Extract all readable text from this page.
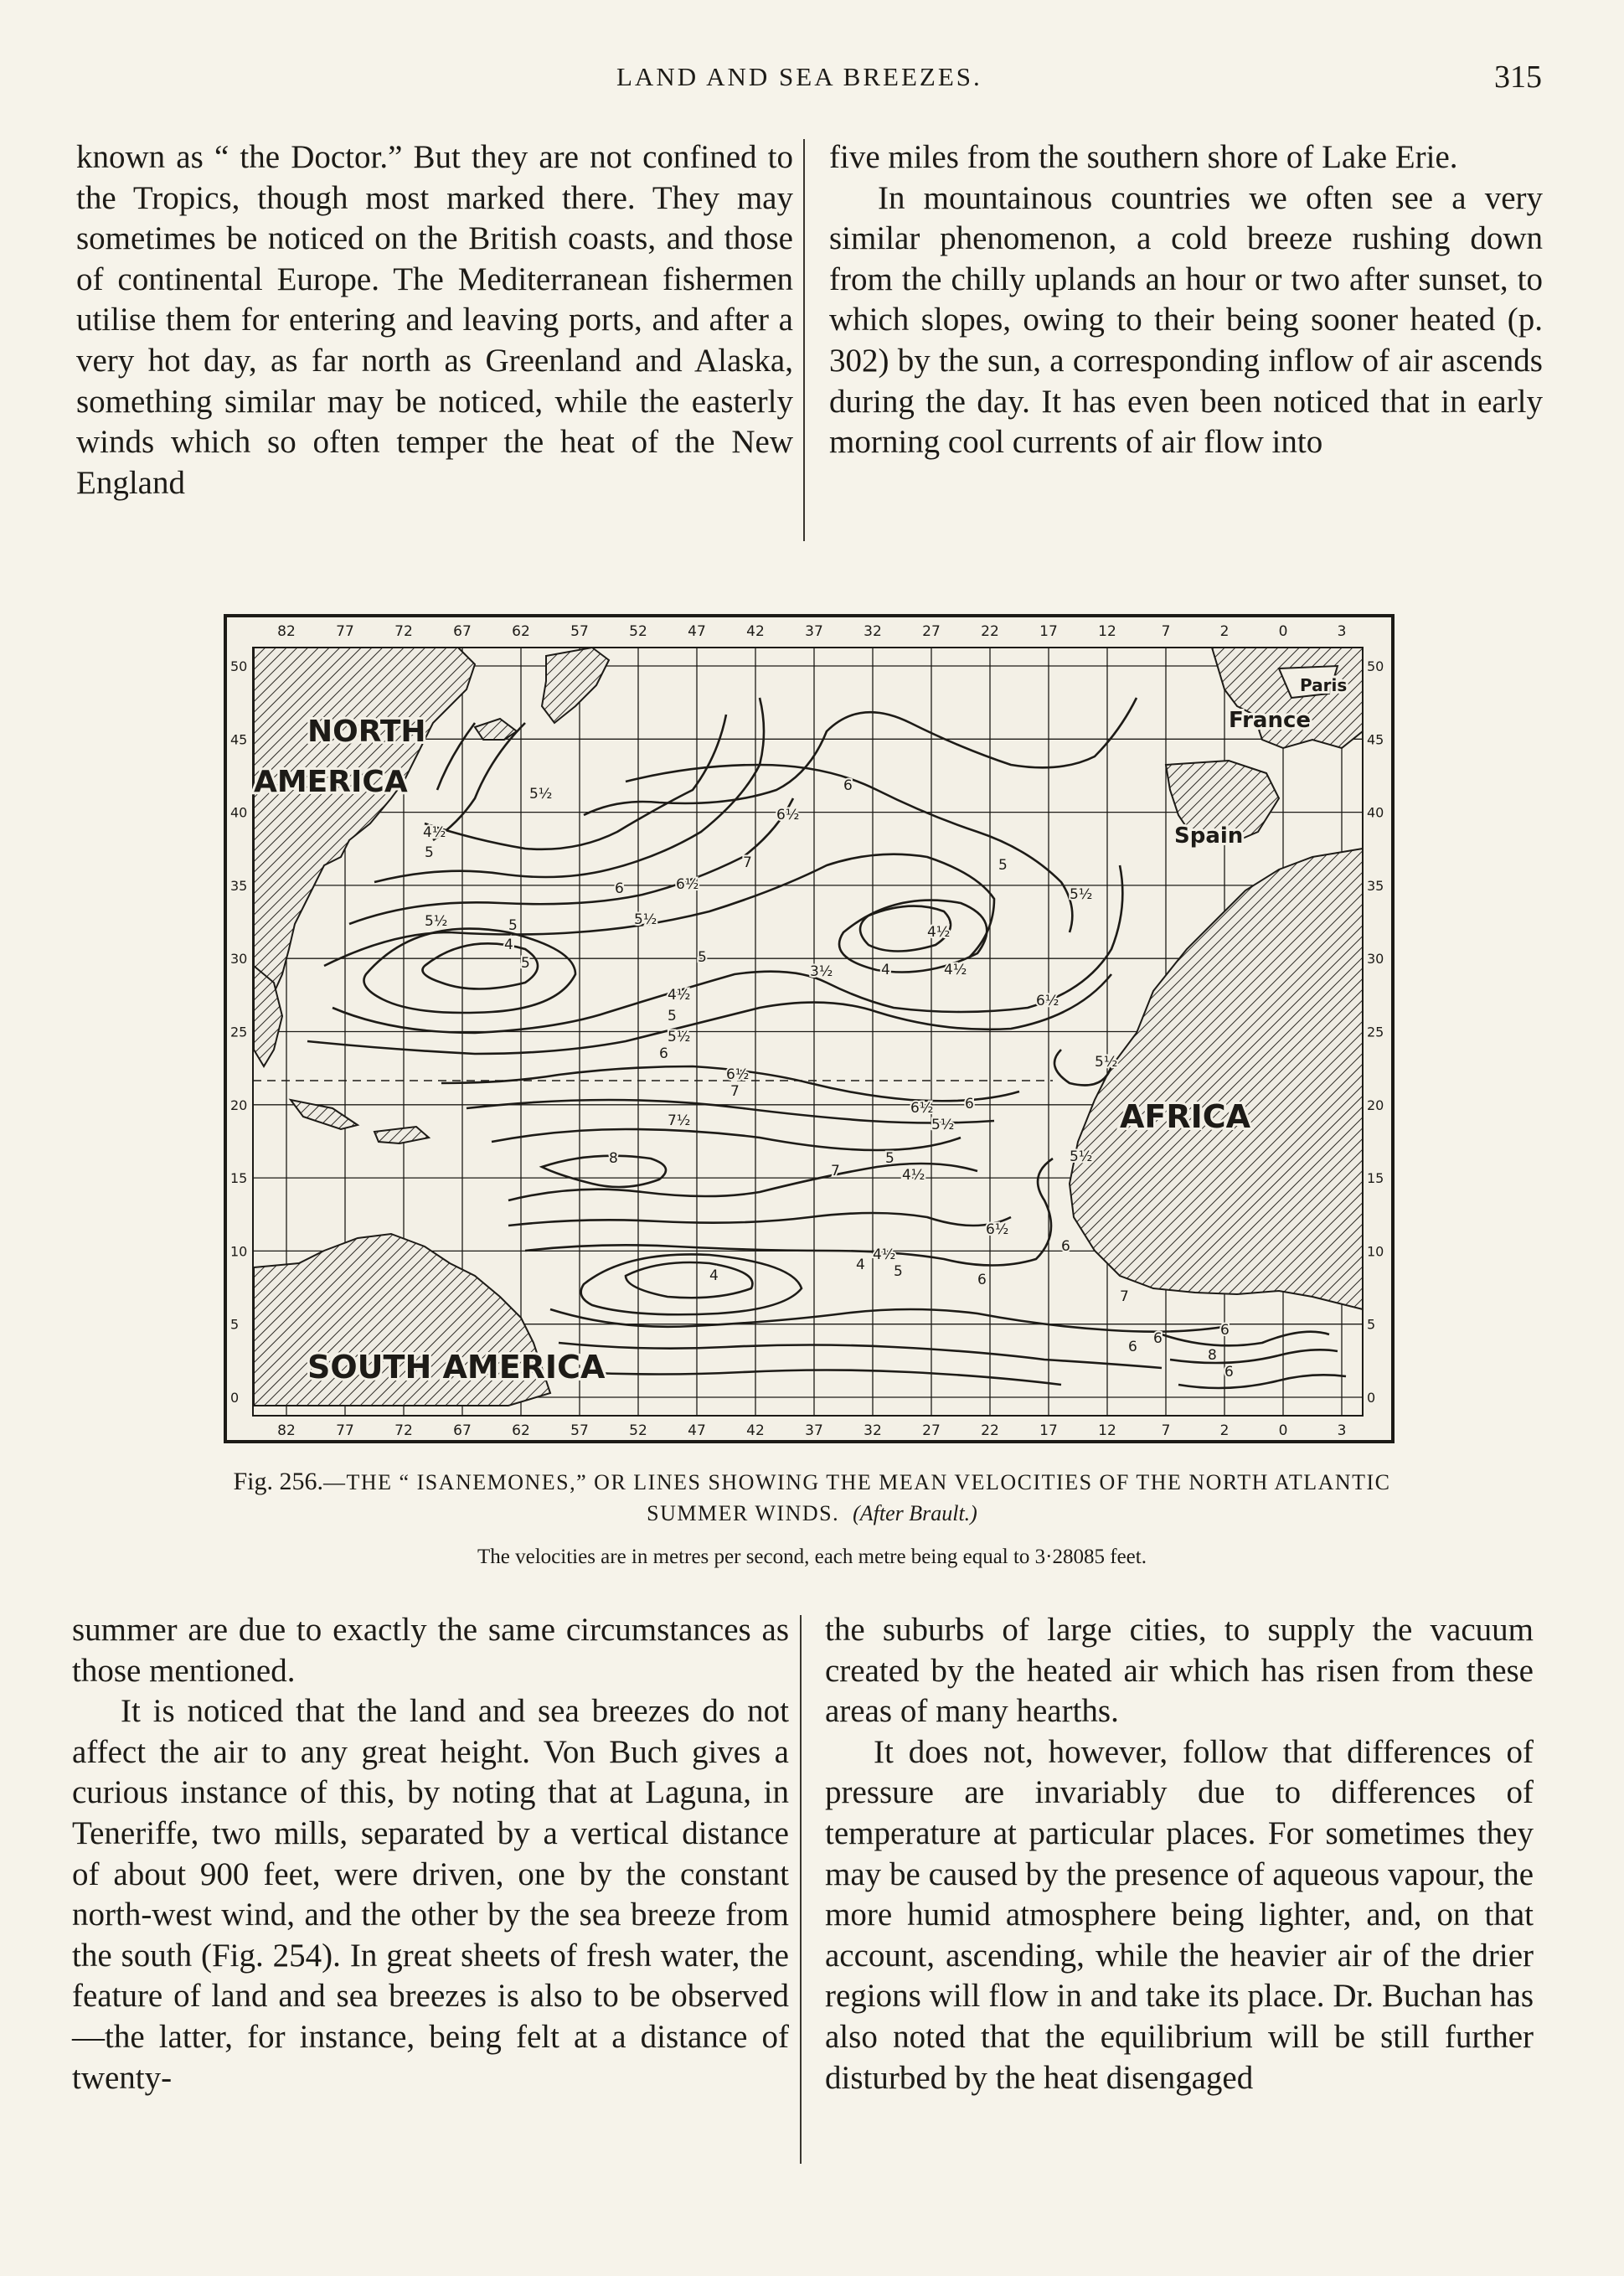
LAND AND SEA BREEZES.	315

known as “ the Doctor.” But they are not confined to the Tropics, though most marked there. They may sometimes be noticed on the British coasts, and those of continental Europe. The Mediterranean fishermen utilise them for entering and leaving ports, and after a very hot day, as far north as Greenland and Alaska, something similar may be noticed, while the easterly winds which so often temper the heat of the New England

five miles from the southern shore of Lake Erie.

In mountainous countries we often see a very similar phenomenon, a cold breeze rushing down from the chilly uplands an hour or two after sunset, to which slopes, owing to their being sooner heated (p. 302) by the sun, a corresponding inflow of air ascends during the day. It has even been noticed that in early morning cool currents of air flow into

82
82
77
77
72
72
67
67
62
62
57
57
52
52
47
47
42
42
37
37
32
32
27
27
22
22
17
17
12
12
7
7
2
2
0
0
3
3
50	50
45	45
40	40
35	35
30	30
25	25
20	20
15	15
10	10
5	5
0	0
NORTH
AMERICA
SOUTH AMERICA
AFRICA
France
Spain
Paris
5½
4½
5
5½	5
6	6½
5½
7
6½
6
5
5½
4½
5
3½	4	4½
4
5
6½
4½
5
5½
6
6½
7
7½
8
7
6½ 6
5½
5
4½
4
4
4½
5
5½
6
6½
5½
6
6
7
6	6
8
6
Fig. 256.—THE “ ISANEMONES,” OR LINES SHOWING THE MEAN VELOCITIES OF THE NORTH ATLANTIC
SUMMER WINDS. (After Brault.)
The velocities are in metres per second, each metre being equal to 3·28085 feet.

summer are due to exactly the same circumstances as those mentioned.

It is noticed that the land and sea breezes do not affect the air to any great height. Von Buch gives a curious instance of this, by noting that at Laguna, in Teneriffe, two mills, separated by a vertical distance of about 900 feet, were driven, one by the constant north-west wind, and the other by the sea breeze from the south (Fig. 254). In great sheets of fresh water, the feature of land and sea breezes is also to be observed—the latter, for instance, being felt at a distance of twenty-

the suburbs of large cities, to supply the vacuum created by the heated air which has risen from these areas of many hearths.

It does not, however, follow that differences of pressure are invariably due to differences of temperature at particular places. For sometimes they may be caused by the presence of aqueous vapour, the more humid atmosphere being lighter, and, on that account, ascending, while the heavier air of the drier regions will flow in and take its place. Dr. Buchan has also noted that the equilibrium will be still further disturbed by the heat disengaged
